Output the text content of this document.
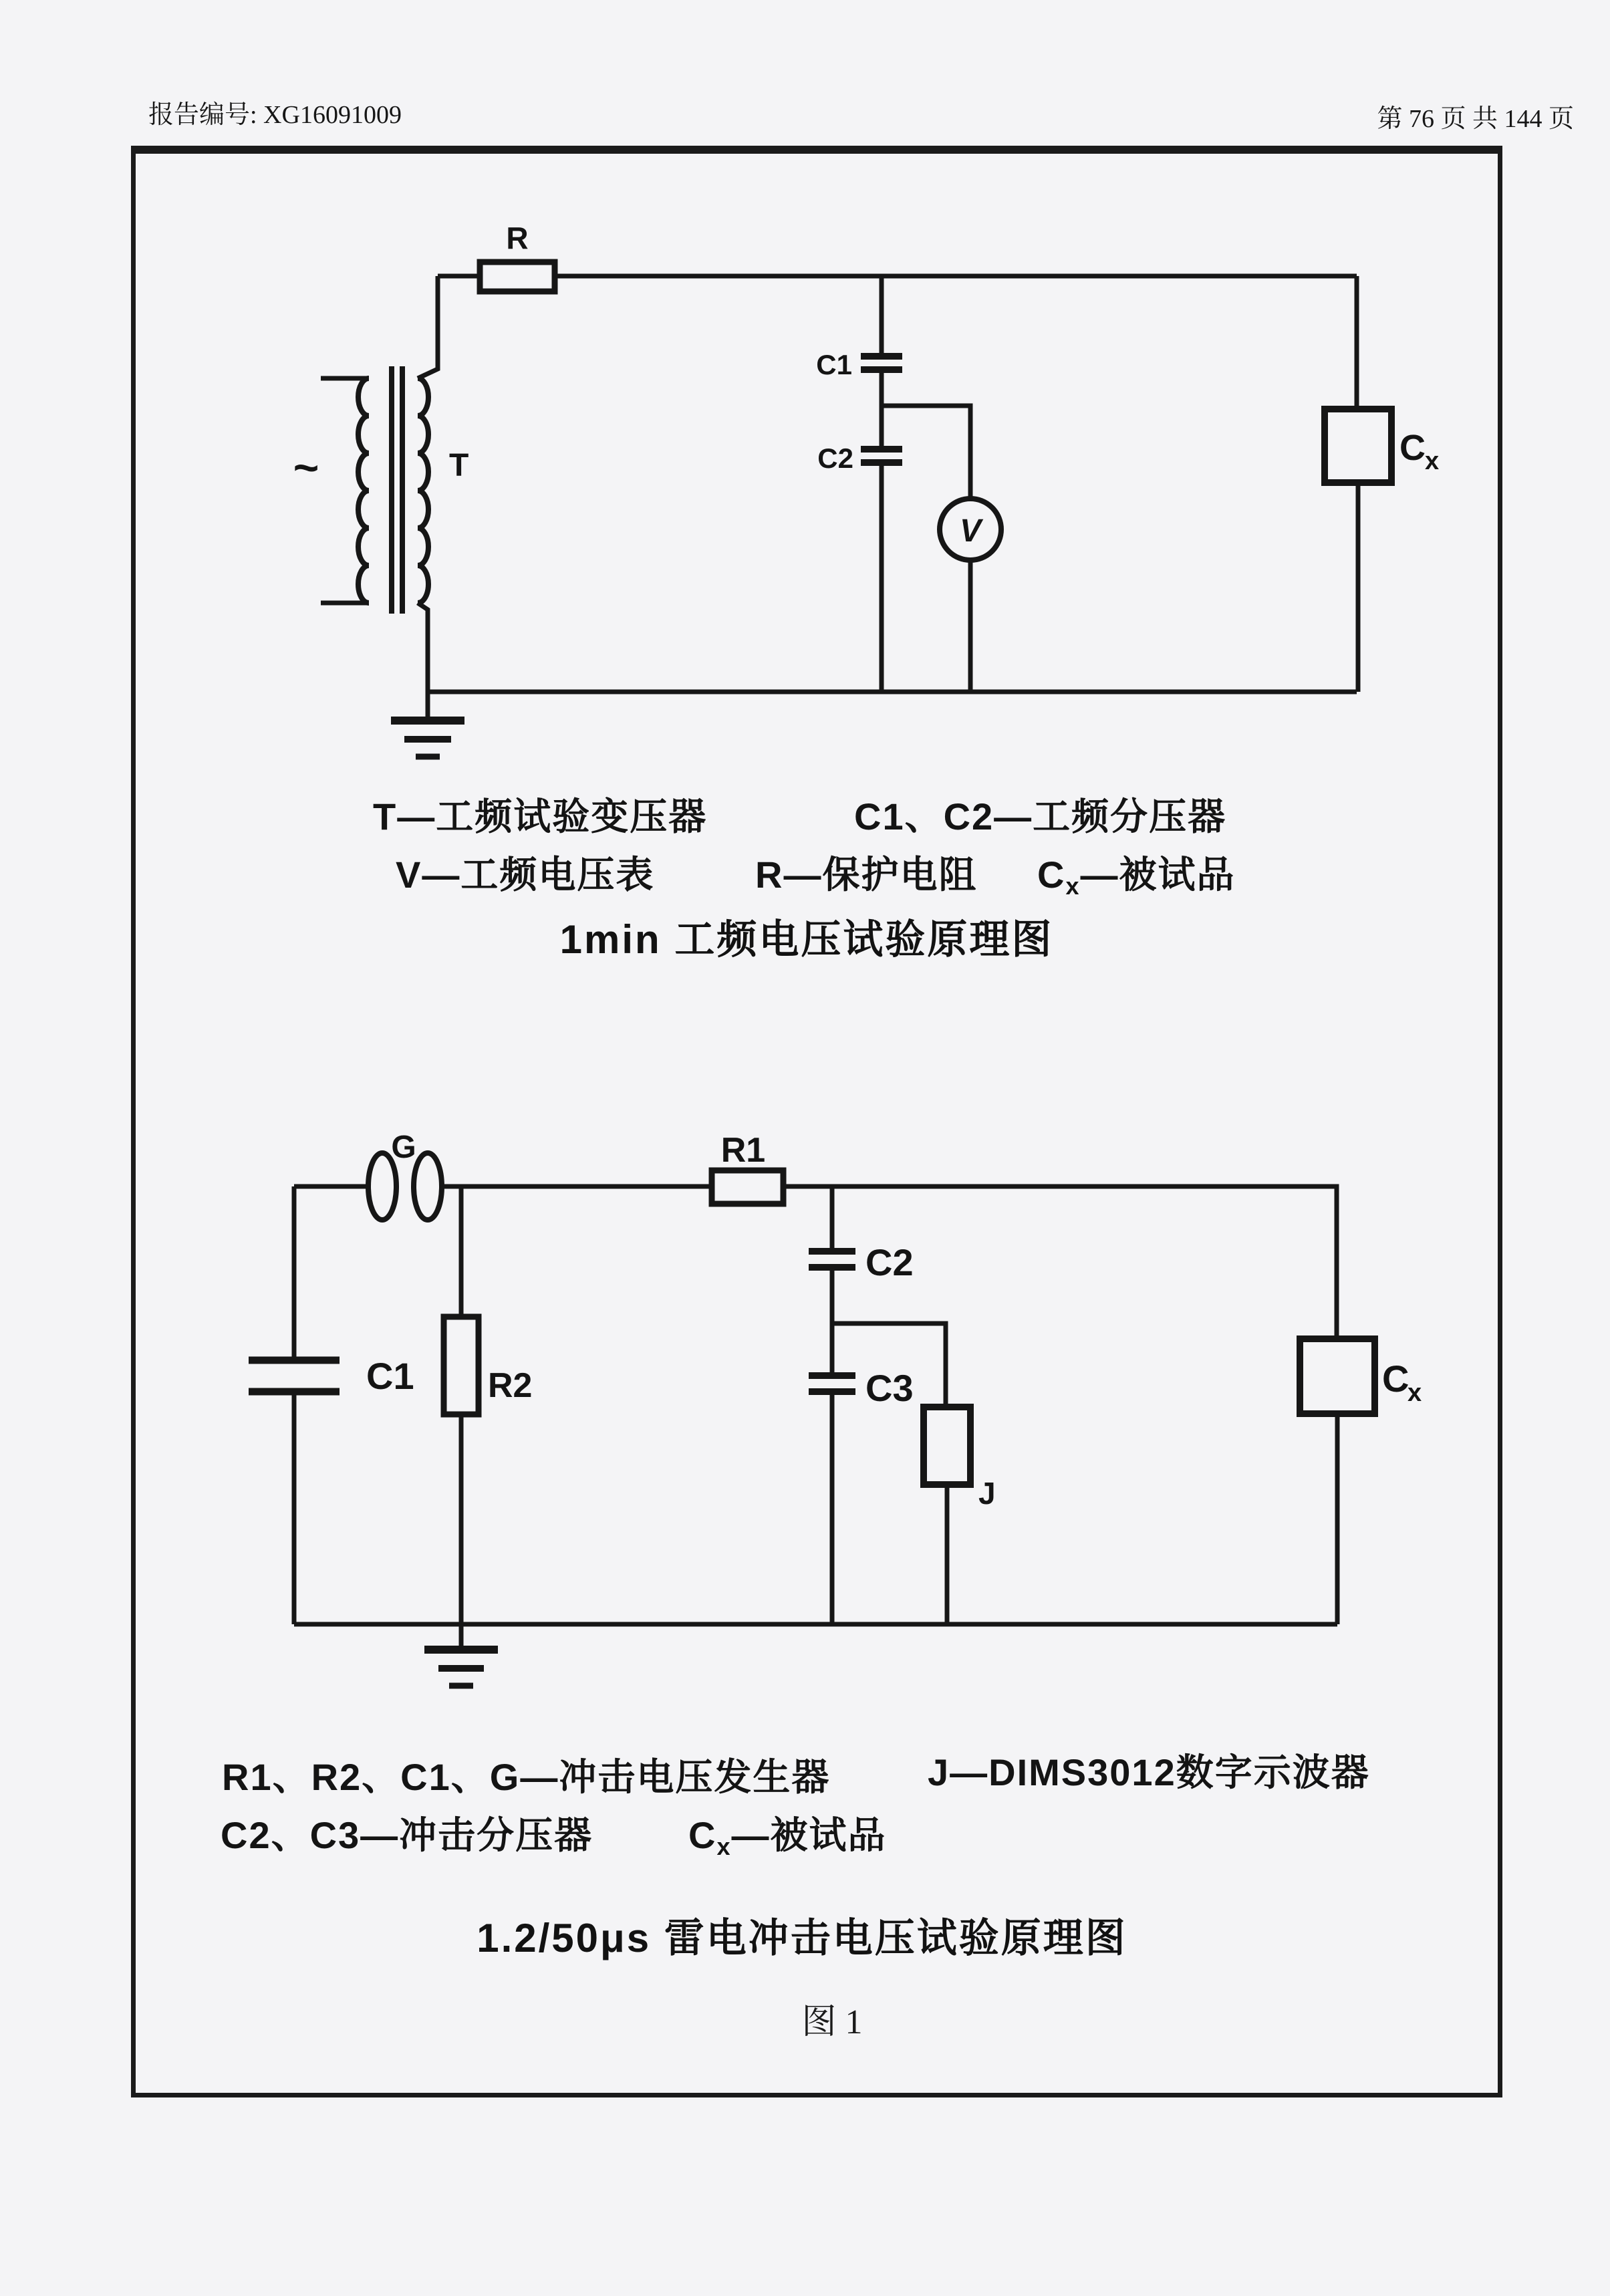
报告编号: XG16091009	第 76 页 共 144 页
R
~	T
C1
C2
V
C x
G	R1
R2
C1
C2
C3
J
C
x
T—工频试验变压器	C1、C2—工频分压器
V—工频电压表	R—保护电阻 Cx—被试品
1min 工频电压试验原理图
R1、R2、C1、G—冲击电压发生器	J—DIMS3012数字示波器
C2、C3—冲击分压器	Cx—被试品
1.2/50μs 雷电冲击电压试验原理图
图 1
